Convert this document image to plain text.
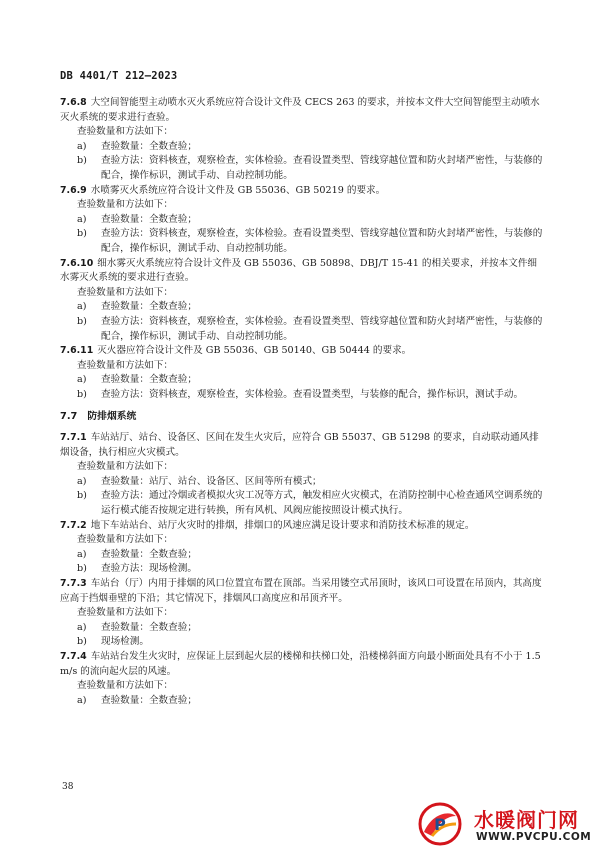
DB 4401/T 212—2023

7.6.8 大空间智能型主动喷水灭火系统应符合设计文件及 CECS 263 的要求，并按本文件大空间智能型主动喷水灭火系统的要求进行查验。

查验数量和方法如下：

a)	查验数量：全数查验；
b)	查验方法：资料核查，观察检查，实体检验。查看设置类型、管线穿越位置和防火封堵严密性，与装修的配合，操作标识，测试手动、自动控制功能。

7.6.9 水喷雾灭火系统应符合设计文件及 GB 55036、GB 50219 的要求。

查验数量和方法如下：

a)	查验数量：全数查验；
b)	查验方法：资料核查，观察检查，实体检验。查看设置类型、管线穿越位置和防火封堵严密性，与装修的配合，操作标识，测试手动、自动控制功能。

7.6.10 细水雾灭火系统应符合设计文件及 GB 55036、GB 50898、DBJ/T 15-41 的相关要求，并按本文件细水雾灭火系统的要求进行查验。

查验数量和方法如下：

a)	查验数量：全数查验；
b)	查验方法：资料核查，观察检查，实体检验。查看设置类型、管线穿越位置和防火封堵严密性，与装修的配合，操作标识，测试手动、自动控制功能。

7.6.11 灭火器应符合设计文件及 GB 55036、GB 50140、GB 50444 的要求。

查验数量和方法如下：

a)	查验数量：全数查验；
b)	查验方法：资料核查，观察检查，实体检验。查看设置类型，与装修的配合，操作标识，测试手动。
7.7 防排烟系统

7.7.1 车站站厅、站台、设备区、区间在发生火灾后，应符合 GB 55037、GB 51298 的要求，自动联动通风排烟设备，执行相应火灾模式。

查验数量和方法如下：

a)	查验数量：站厅、站台、设备区、区间等所有模式；
b)	查验方法：通过冷烟或者模拟火灾工况等方式，触发相应火灾模式，在消防控制中心检查通风空调系统的运行模式能否按规定进行转换，所有风机、风阀应能按照设计模式执行。

7.7.2 地下车站站台、站厅火灾时的排烟，排烟口的风速应满足设计要求和消防技术标准的规定。

查验数量和方法如下：

a)	查验数量：全数查验；
b)	查验方法：现场检测。

7.7.3 车站台（厅）内用于排烟的风口位置宜布置在顶部。当采用镂空式吊顶时，该风口可设置在吊顶内，其高度应高于挡烟垂壁的下沿；其它情况下，排烟风口高度应和吊顶齐平。

查验数量和方法如下：

a)	查验数量：全数查验；
b)	现场检测。

7.7.4 车站站台发生火灾时，应保证上层到起火层的楼梯和扶梯口处，沿楼梯斜面方向最小断面处具有不小于 1.5 m/s 的流向起火层的风速。

查验数量和方法如下：

a)	查验数量：全数查验；
38
P 水暖阀门网
WWW.PVCPU.COM
